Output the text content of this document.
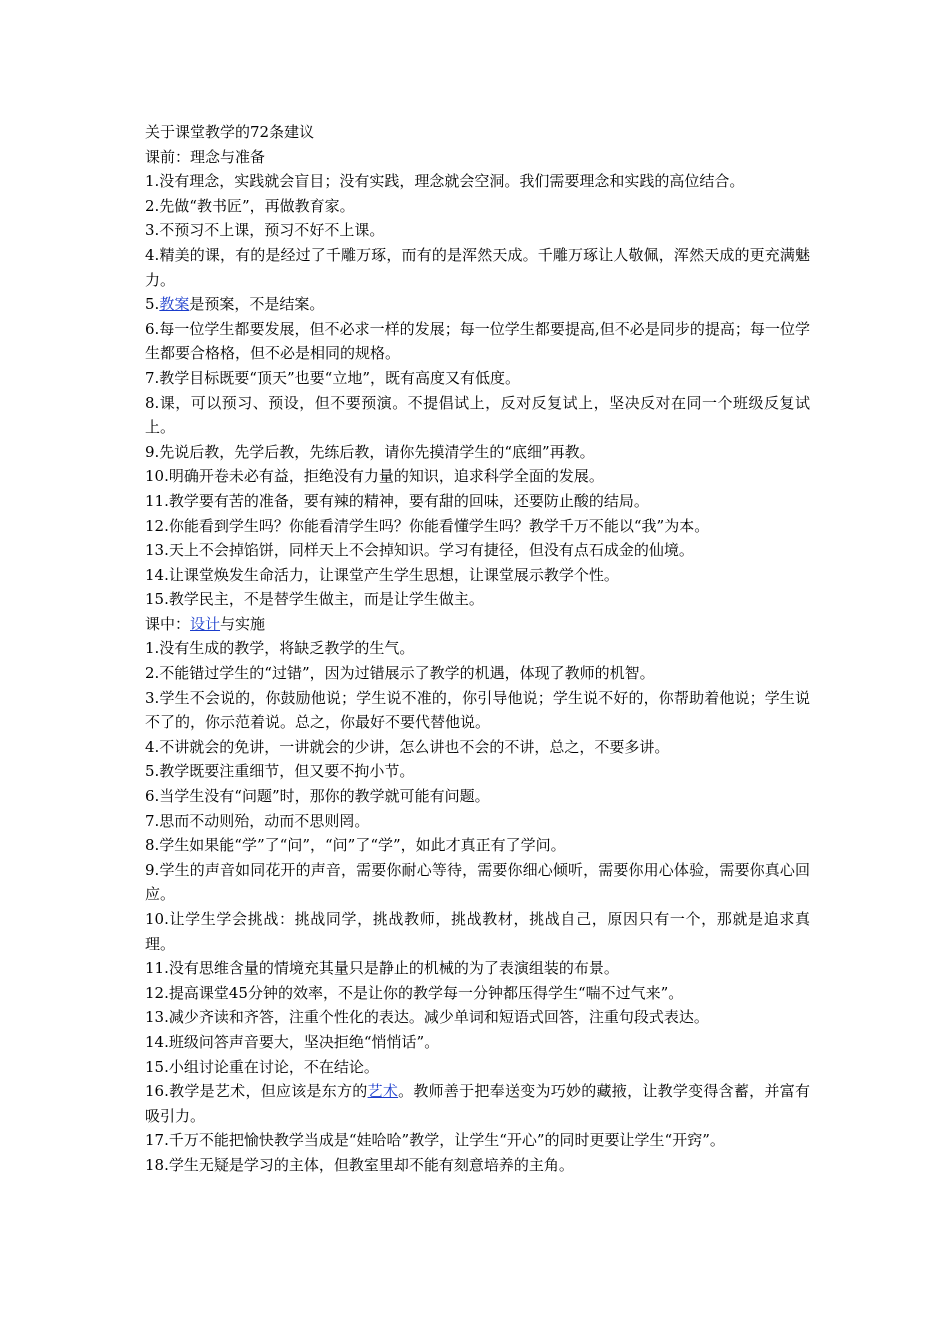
关于课堂教学的72条建议

课前：理念与准备

1.没有理念，实践就会盲目；没有实践，理念就会空洞。我们需要理念和实践的高位结合。

2.先做“教书匠”，再做教育家。

3.不预习不上课，预习不好不上课。

4.精美的课，有的是经过了千雕万琢，而有的是浑然天成。千雕万琢让人敬佩，浑然天成的更充满魅力。

5.教案是预案，不是结案。

6.每一位学生都要发展，但不必求一样的发展；每一位学生都要提高,但不必是同步的提高；每一位学生都要合格格，但不必是相同的规格。

7.教学目标既要“顶天”也要“立地”，既有高度又有低度。

8.课，可以预习、预设，但不要预演。不提倡试上，反对反复试上，坚决反对在同一个班级反复试上。

9.先说后教，先学后教，先练后教，请你先摸清学生的“底细”再教。

10.明确开卷未必有益，拒绝没有力量的知识，追求科学全面的发展。

11.教学要有苦的准备，要有辣的精神，要有甜的回味，还要防止酸的结局。

12.你能看到学生吗？你能看清学生吗？你能看懂学生吗？教学千万不能以“我”为本。

13.天上不会掉馅饼，同样天上不会掉知识。学习有捷径，但没有点石成金的仙境。

14.让课堂焕发生命活力，让课堂产生学生思想，让课堂展示教学个性。

15.教学民主，不是替学生做主，而是让学生做主。

课中：设计与实施

1.没有生成的教学，将缺乏教学的生气。

2.不能错过学生的“过错”，因为过错展示了教学的机遇，体现了教师的机智。

3.学生不会说的，你鼓励他说；学生说不准的，你引导他说；学生说不好的，你帮助着他说；学生说不了的，你示范着说。总之，你最好不要代替他说。

4.不讲就会的免讲，一讲就会的少讲，怎么讲也不会的不讲，总之，不要多讲。

5.教学既要注重细节，但又要不拘小节。

6.当学生没有“问题”时，那你的教学就可能有问题。

7.思而不动则殆，动而不思则罔。

8.学生如果能“学”了“问”，“问”了“学”，如此才真正有了学问。

9.学生的声音如同花开的声音，需要你耐心等待，需要你细心倾听，需要你用心体验，需要你真心回应。

10.让学生学会挑战：挑战同学，挑战教师，挑战教材，挑战自己，原因只有一个，那就是追求真理。

11.没有思维含量的情境充其量只是静止的机械的为了表演组装的布景。

12.提高课堂45分钟的效率，不是让你的教学每一分钟都压得学生“喘不过气来”。

13.减少齐读和齐答，注重个性化的表达。减少单词和短语式回答，注重句段式表达。

14.班级问答声音要大，坚决拒绝“悄悄话”。

15.小组讨论重在讨论，不在结论。

16.教学是艺术，但应该是东方的艺术。教师善于把奉送变为巧妙的藏掖，让教学变得含蓄，并富有吸引力。

17.千万不能把愉快教学当成是“娃哈哈”教学，让学生“开心”的同时更要让学生“开窍”。

18.学生无疑是学习的主体，但教室里却不能有刻意培养的主角。
